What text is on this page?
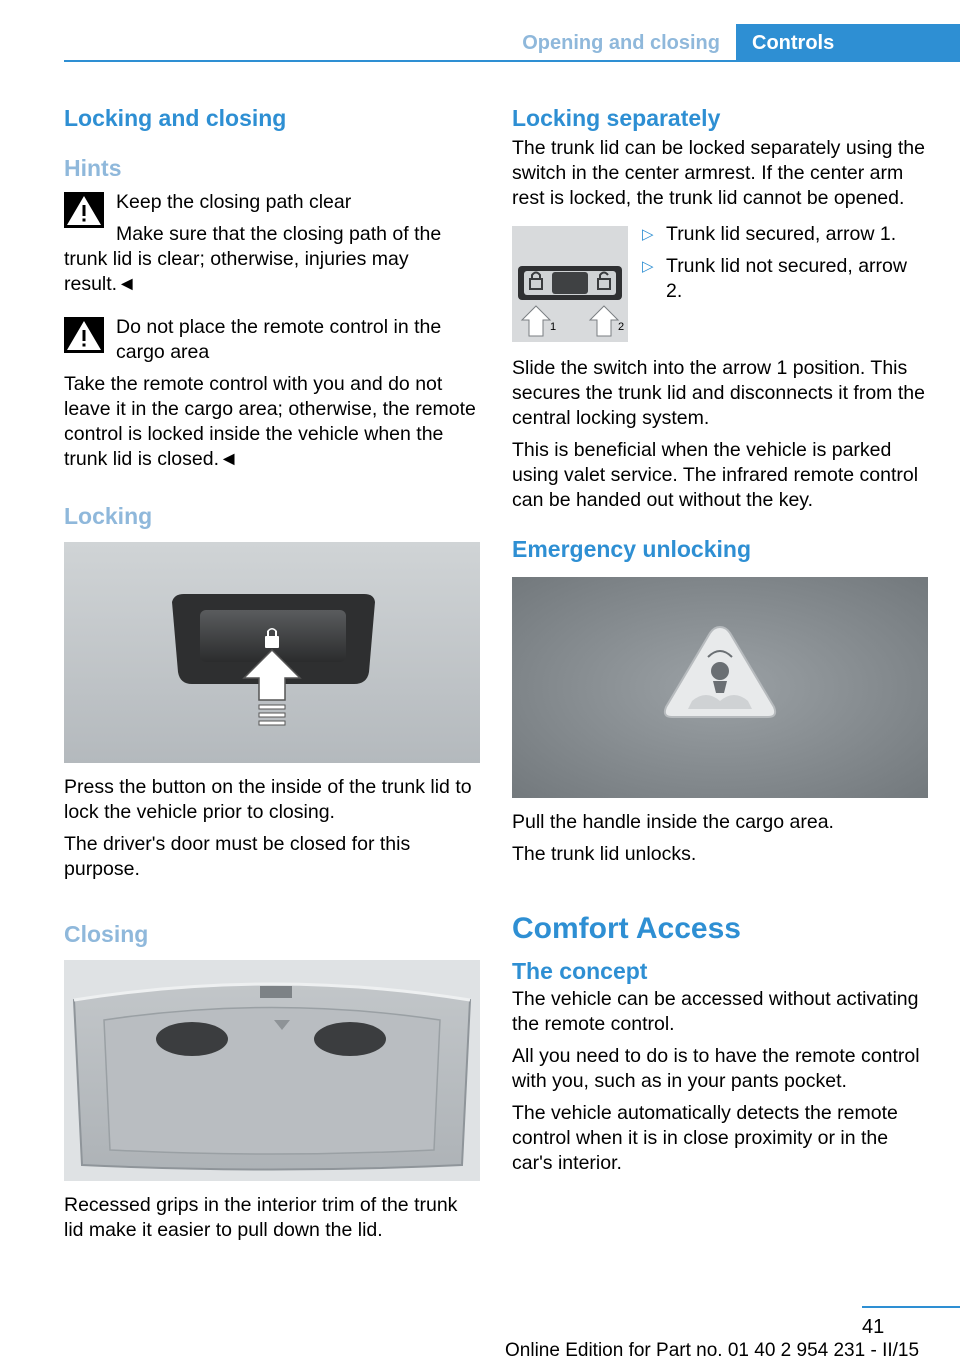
Opening and closing	Controls
Locking and closing
Hints
Keep the closing path clear
Make sure that the closing path of the trunk lid is clear; otherwise, injuries may result.◄
Do not place the remote control in the cargo area
Take the remote control with you and do not leave it in the cargo area; otherwise, the remote control is locked inside the vehicle when the trunk lid is closed.◄
Locking

Press the button on the inside of the trunk lid to lock the vehicle prior to closing.

The driver's door must be closed for this purpose.

Closing

Recessed grips in the interior trim of the trunk lid make it easier to pull down the lid.

Locking separately

The trunk lid can be locked separately using the switch in the center armrest. If the center arm rest is locked, the trunk lid cannot be opened.

1	2
▷ Trunk lid secured, arrow 1.
▷ Trunk lid not secured, arrow 2.

Slide the switch into the arrow 1 position. This secures the trunk lid and disconnects it from the central locking system.

This is beneficial when the vehicle is parked using valet service. The infrared remote control can be handed out without the key.

Emergency unlocking

Pull the handle inside the cargo area.

The trunk lid unlocks.

Comfort Access
The concept

The vehicle can be accessed without activating the remote control.

All you need to do is to have the remote control with you, such as in your pants pocket.

The vehicle automatically detects the remote control when it is in close proximity or in the car's interior.

41
Online Edition for Part no. 01 40 2 954 231 - II/15
